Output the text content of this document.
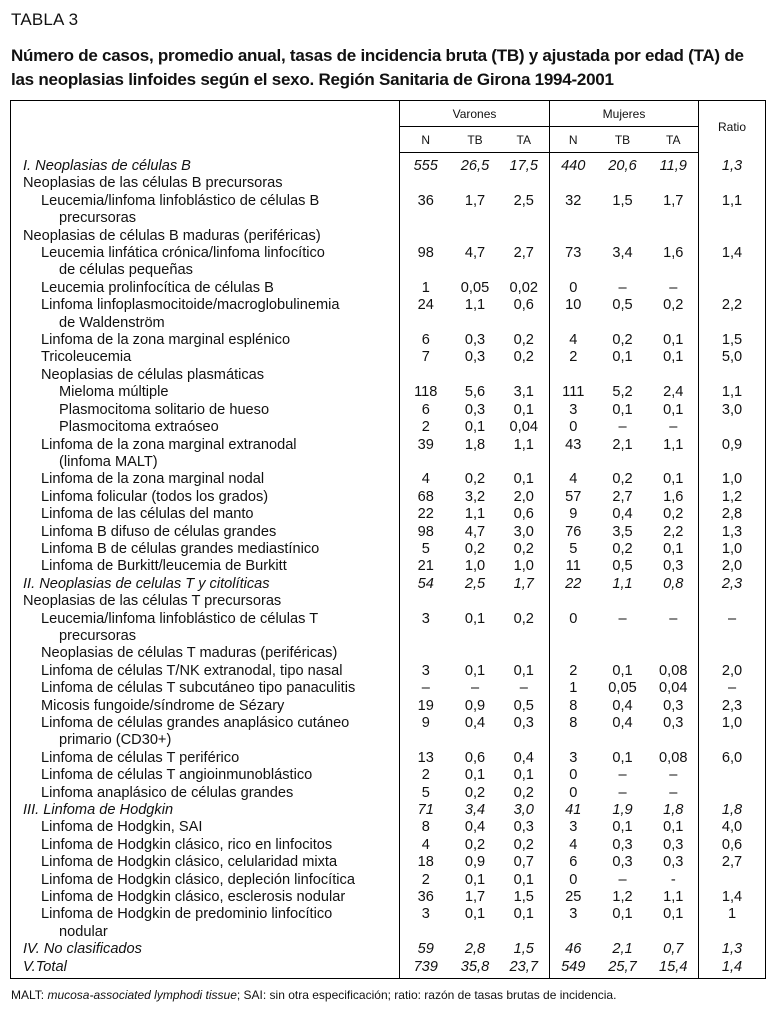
TABLA 3
Número de casos, promedio anual, tasas de incidencia bruta (TB) y ajustada por edad (TA) de las neoplasias linfoides según el sexo. Región Sanitaria de Girona 1994-2001
	Varones			Mujeres			Ratio
	N	TB	TA	N	TB	TA	
I. Neoplasias de células B	555	26,5	17,5	440	20,6	11,9	1,3
Neoplasias de las células B precursoras							
Leucemia/linfoma linfoblástico de células B
precursoras	36	1,7	2,5	32	1,5	1,7	1,1
Neoplasias de células B maduras (periféricas)							
Leucemia linfática crónica/linfoma linfocítico
de células pequeñas	98	4,7	2,7	73	3,4	1,6	1,4
Leucemia prolinfocítica de células B	1	0,05	0,02	0	–	–	
Linfoma linfoplasmocitoide/macroglobulinemia
de Waldenström	24	1,1	0,6	10	0,5	0,2	2,2
Linfoma de la zona marginal esplénico	6	0,3	0,2	4	0,2	0,1	1,5
Tricoleucemia	7	0,3	0,2	2	0,1	0,1	5,0
Neoplasias de células plasmáticas							
Mieloma múltiple	118	5,6	3,1	111	5,2	2,4	1,1
Plasmocitoma solitario de hueso	6	0,3	0,1	3	0,1	0,1	3,0
Plasmocitoma extraóseo	2	0,1	0,04	0	–	–	
Linfoma de la zona marginal extranodal
(linfoma MALT)	39	1,8	1,1	43	2,1	1,1	0,9
Linfoma de la zona marginal nodal	4	0,2	0,1	4	0,2	0,1	1,0
Linfoma folicular (todos los grados)	68	3,2	2,0	57	2,7	1,6	1,2
Linfoma de las células del manto	22	1,1	0,6	9	0,4	0,2	2,8
Linfoma B difuso de células grandes	98	4,7	3,0	76	3,5	2,2	1,3
Linfoma B de células grandes mediastínico	5	0,2	0,2	5	0,2	0,1	1,0
Linfoma de Burkitt/leucemia de Burkitt	21	1,0	1,0	11	0,5	0,3	2,0
II. Neoplasias de celulas T y citolíticas	54	2,5	1,7	22	1,1	0,8	2,3
Neoplasias de las células T precursoras							
Leucemia/linfoma linfoblástico de células T
precursoras	3	0,1	0,2	0	–	–	–
Neoplasias de células T maduras (periféricas)							
Linfoma de células T/NK extranodal, tipo nasal	3	0,1	0,1	2	0,1	0,08	2,0
Linfoma de células T subcutáneo tipo panaculitis	–	–	–	1	0,05	0,04	–
Micosis fungoide/síndrome de Sézary	19	0,9	0,5	8	0,4	0,3	2,3
Linfoma de células grandes anaplásico cutáneo
primario (CD30+)	9	0,4	0,3	8	0,4	0,3	1,0
Linfoma de células T periférico	13	0,6	0,4	3	0,1	0,08	6,0
Linfoma de células T angioinmunoblástico	2	0,1	0,1	0	–	–	
Linfoma anaplásico de células grandes	5	0,2	0,2	0	–	–	
III. Linfoma de Hodgkin	71	3,4	3,0	41	1,9	1,8	1,8
Linfoma de Hodgkin, SAI	8	0,4	0,3	3	0,1	0,1	4,0
Linfoma de Hodgkin clásico, rico en linfocitos	4	0,2	0,2	4	0,3	0,3	0,6
Linfoma de Hodgkin clásico, celularidad mixta	18	0,9	0,7	6	0,3	0,3	2,7
Linfoma de Hodgkin clásico, depleción linfocítica	2	0,1	0,1	0	–	-	
Linfoma de Hodgkin clásico, esclerosis nodular	36	1,7	1,5	25	1,2	1,1	1,4
Linfoma de Hodgkin de predominio linfocítico
nodular	3	0,1	0,1	3	0,1	0,1	1
IV. No clasificados	59	2,8	1,5	46	2,1	0,7	1,3
V.Total	739	35,8	23,7	549	25,7	15,4	1,4
MALT: mucosa-associated lymphodi tissue; SAI: sin otra especificación; ratio: razón de tasas brutas de incidencia.
